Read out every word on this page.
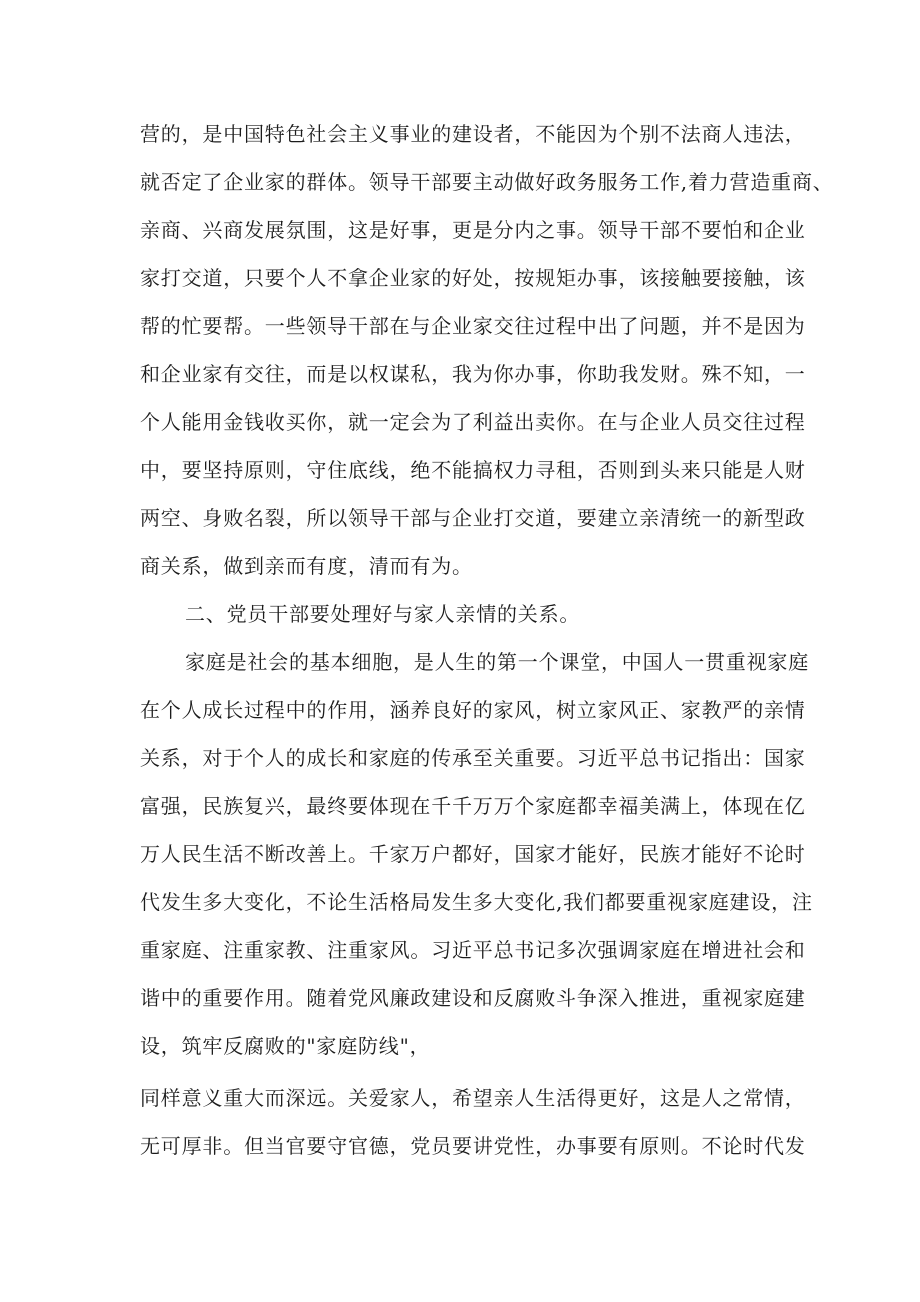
营的，是中国特色社会主义事业的建设者，不能因为个别不法商人违法，
就否定了企业家的群体。领导干部要主动做好政务服务工作,着力营造重商、
亲商、兴商发展氛围，这是好事，更是分内之事。领导干部不要怕和企业
家打交道，只要个人不拿企业家的好处，按规矩办事，该接触要接触，该
帮的忙要帮。一些领导干部在与企业家交往过程中出了问题，并不是因为
和企业家有交往，而是以权谋私，我为你办事，你助我发财。殊不知，一
个人能用金钱收买你，就一定会为了利益出卖你。在与企业人员交往过程
中，要坚持原则，守住底线，绝不能搞权力寻租，否则到头来只能是人财
两空、身败名裂，所以领导干部与企业打交道，要建立亲清统一的新型政
商关系，做到亲而有度，清而有为。
二、党员干部要处理好与家人亲情的关系。
家庭是社会的基本细胞，是人生的第一个课堂，中国人一贯重视家庭
在个人成长过程中的作用，涵养良好的家风，树立家风正、家教严的亲情
关系，对于个人的成长和家庭的传承至关重要。习近平总书记指出：国家
富强，民族复兴，最终要体现在千千万万个家庭都幸福美满上，体现在亿
万人民生活不断改善上。千家万户都好，国家才能好，民族才能好不论时
代发生多大变化，不论生活格局发生多大变化,我们都要重视家庭建设，注
重家庭、注重家教、注重家风。习近平总书记多次强调家庭在增进社会和
谐中的重要作用。随着党风廉政建设和反腐败斗争深入推进，重视家庭建
设，筑牢反腐败的"家庭防线"，
同样意义重大而深远。关爱家人，希望亲人生活得更好，这是人之常情，
无可厚非。但当官要守官德，党员要讲党性，办事要有原则。不论时代发
